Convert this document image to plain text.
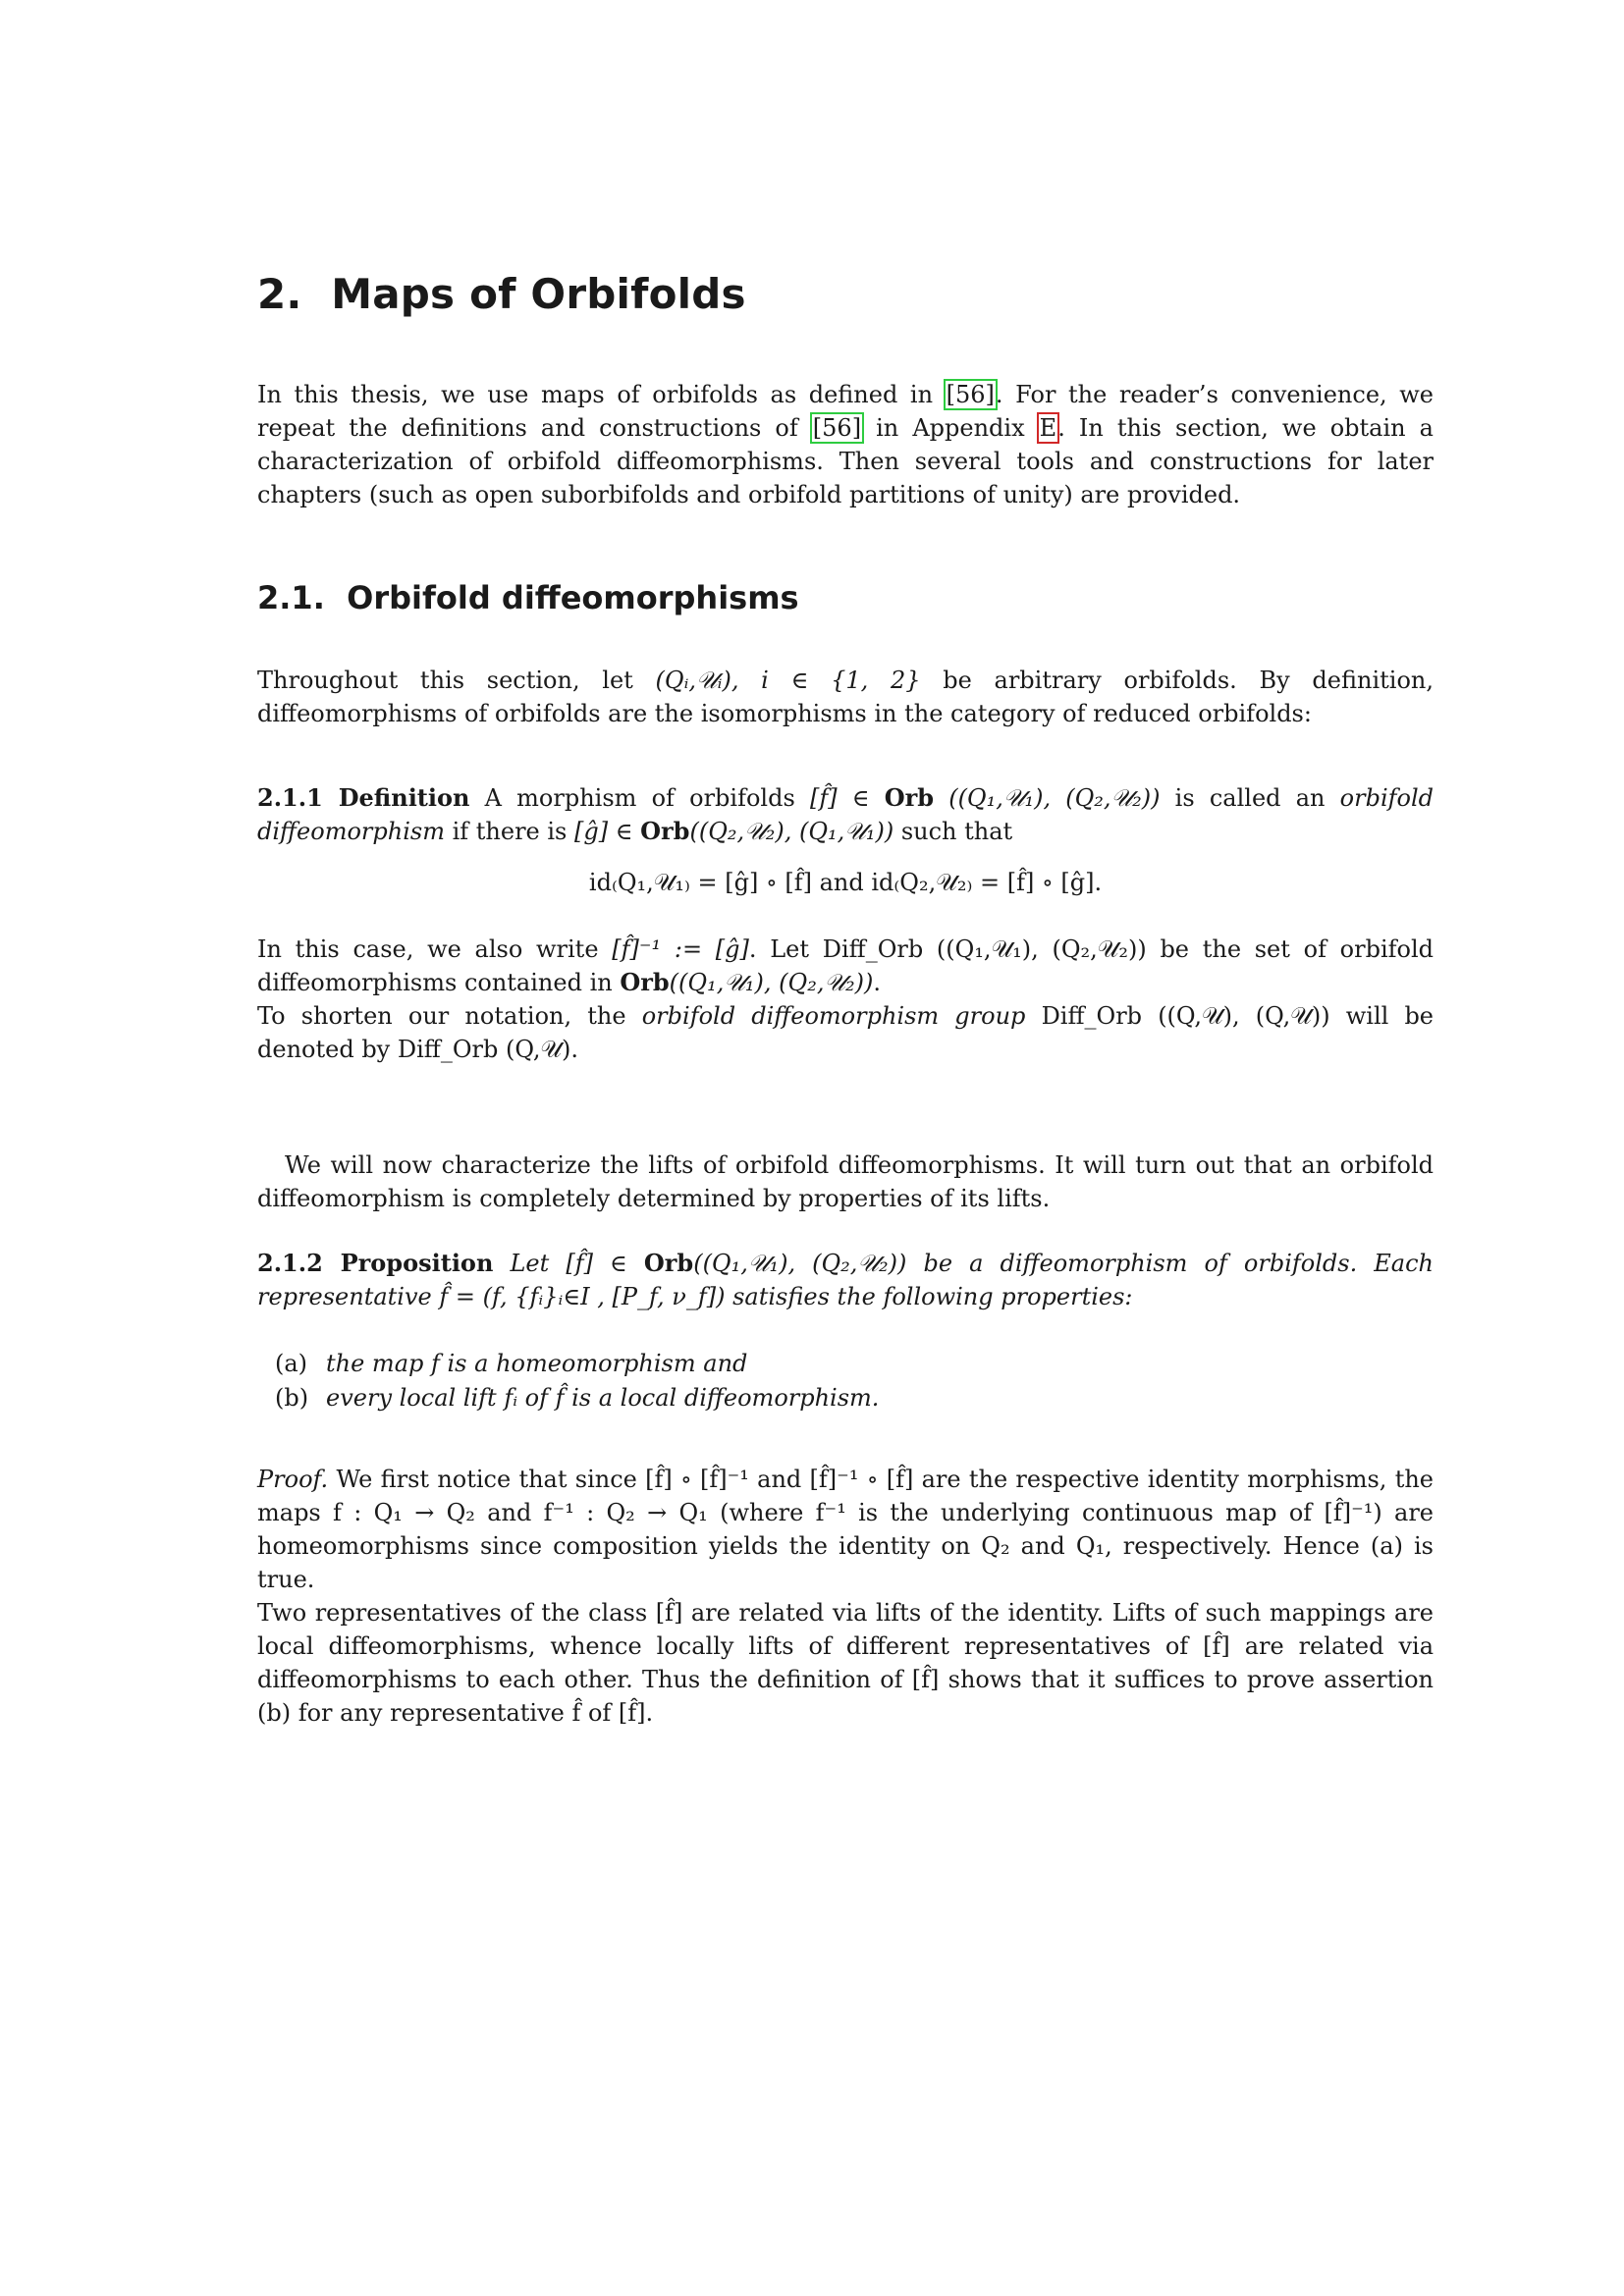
2. Maps of Orbifolds

In this thesis, we use maps of orbifolds as defined in [56]. For the reader’s convenience, we repeat the definitions and constructions of [56] in Appendix E. In this section, we obtain a characterization of orbifold diffeomorphisms. Then several tools and constructions for later chapters (such as open suborbifolds and orbifold partitions of unity) are provided.

2.1. Orbifold diffeomorphisms

Throughout this section, let (Qᵢ,𝒰ᵢ), i ∈ {1, 2} be arbitrary orbifolds. By definition, diffeomorphisms of orbifolds are the isomorphisms in the category of reduced orbifolds:

2.1.1 Definition A morphism of orbifolds [f̂] ∈ Orb ((Q₁,𝒰₁), (Q₂,𝒰₂)) is called an orbifold diffeomorphism if there is [ĝ] ∈ Orb((Q₂,𝒰₂), (Q₁,𝒰₁)) such that

id₍Q₁,𝒰₁₎ = [ĝ] ∘ [f̂] and id₍Q₂,𝒰₂₎ = [f̂] ∘ [ĝ].

In this case, we also write [f̂]⁻¹ := [ĝ]. Let Diff_Orb ((Q₁,𝒰₁), (Q₂,𝒰₂)) be the set of orbifold diffeomorphisms contained in Orb((Q₁,𝒰₁), (Q₂,𝒰₂)).

To shorten our notation, the orbifold diffeomorphism group Diff_Orb ((Q,𝒰), (Q,𝒰)) will be denoted by Diff_Orb (Q,𝒰).

We will now characterize the lifts of orbifold diffeomorphisms. It will turn out that an orbifold diffeomorphism is completely determined by properties of its lifts.

2.1.2 Proposition Let [f̂] ∈ Orb((Q₁,𝒰₁), (Q₂,𝒰₂)) be a diffeomorphism of orbifolds. Each representative f̂ = (f, {fᵢ}ᵢ∈I , [P_f, ν_f]) satisfies the following properties:

(a) the map f is a homeomorphism and
(b) every local lift fᵢ of f̂ is a local diffeomorphism.

Proof. We first notice that since [f̂] ∘ [f̂]⁻¹ and [f̂]⁻¹ ∘ [f̂] are the respective identity morphisms, the maps f : Q₁ → Q₂ and f⁻¹ : Q₂ → Q₁ (where f⁻¹ is the underlying continuous map of [f̂]⁻¹) are homeomorphisms since composition yields the identity on Q₂ and Q₁, respectively. Hence (a) is true.

Two representatives of the class [f̂] are related via lifts of the identity. Lifts of such mappings are local diffeomorphisms, whence locally lifts of different representatives of [f̂] are related via diffeomorphisms to each other. Thus the definition of [f̂] shows that it suffices to prove assertion (b) for any representative f̂ of [f̂].
